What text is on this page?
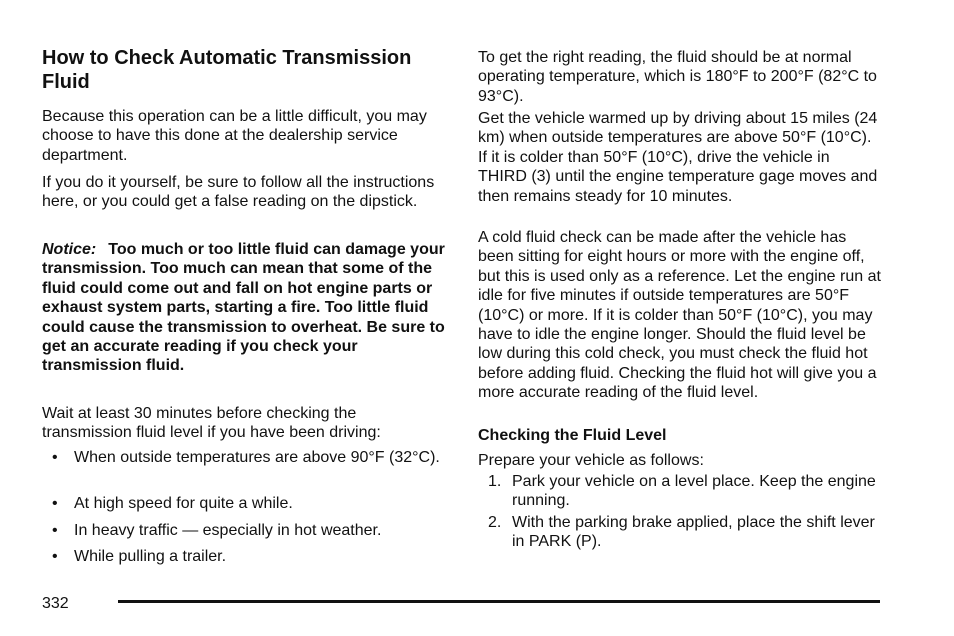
How to Check Automatic Transmission Fluid

Because this operation can be a little difficult, you may choose to have this done at the dealership service department.

If you do it yourself, be sure to follow all the instructions here, or you could get a false reading on the dipstick.

Notice: Too much or too little fluid can damage your transmission. Too much can mean that some of the fluid could come out and fall on hot engine parts or exhaust system parts, starting a fire. Too little fluid could cause the transmission to overheat. Be sure to get an accurate reading if you check your transmission fluid.

Wait at least 30 minutes before checking the transmission fluid level if you have been driving:

• When outside temperatures are above 90°F (32°C).
• At high speed for quite a while.
• In heavy traffic — especially in hot weather.
• While pulling a trailer.

To get the right reading, the fluid should be at normal operating temperature, which is 180°F to 200°F (82°C to 93°C).

Get the vehicle warmed up by driving about 15 miles (24 km) when outside temperatures are above 50°F (10°C). If it is colder than 50°F (10°C), drive the vehicle in THIRD (3) until the engine temperature gage moves and then remains steady for 10 minutes.

A cold fluid check can be made after the vehicle has been sitting for eight hours or more with the engine off, but this is used only as a reference. Let the engine run at idle for five minutes if outside temperatures are 50°F (10°C) or more. If it is colder than 50°F (10°C), you may have to idle the engine longer. Should the fluid level be low during this cold check, you must check the fluid hot before adding fluid. Checking the fluid hot will give you a more accurate reading of the fluid level.

Checking the Fluid Level

Prepare your vehicle as follows:

1. Park your vehicle on a level place. Keep the engine running.
2. With the parking brake applied, place the shift lever in PARK (P).
332
